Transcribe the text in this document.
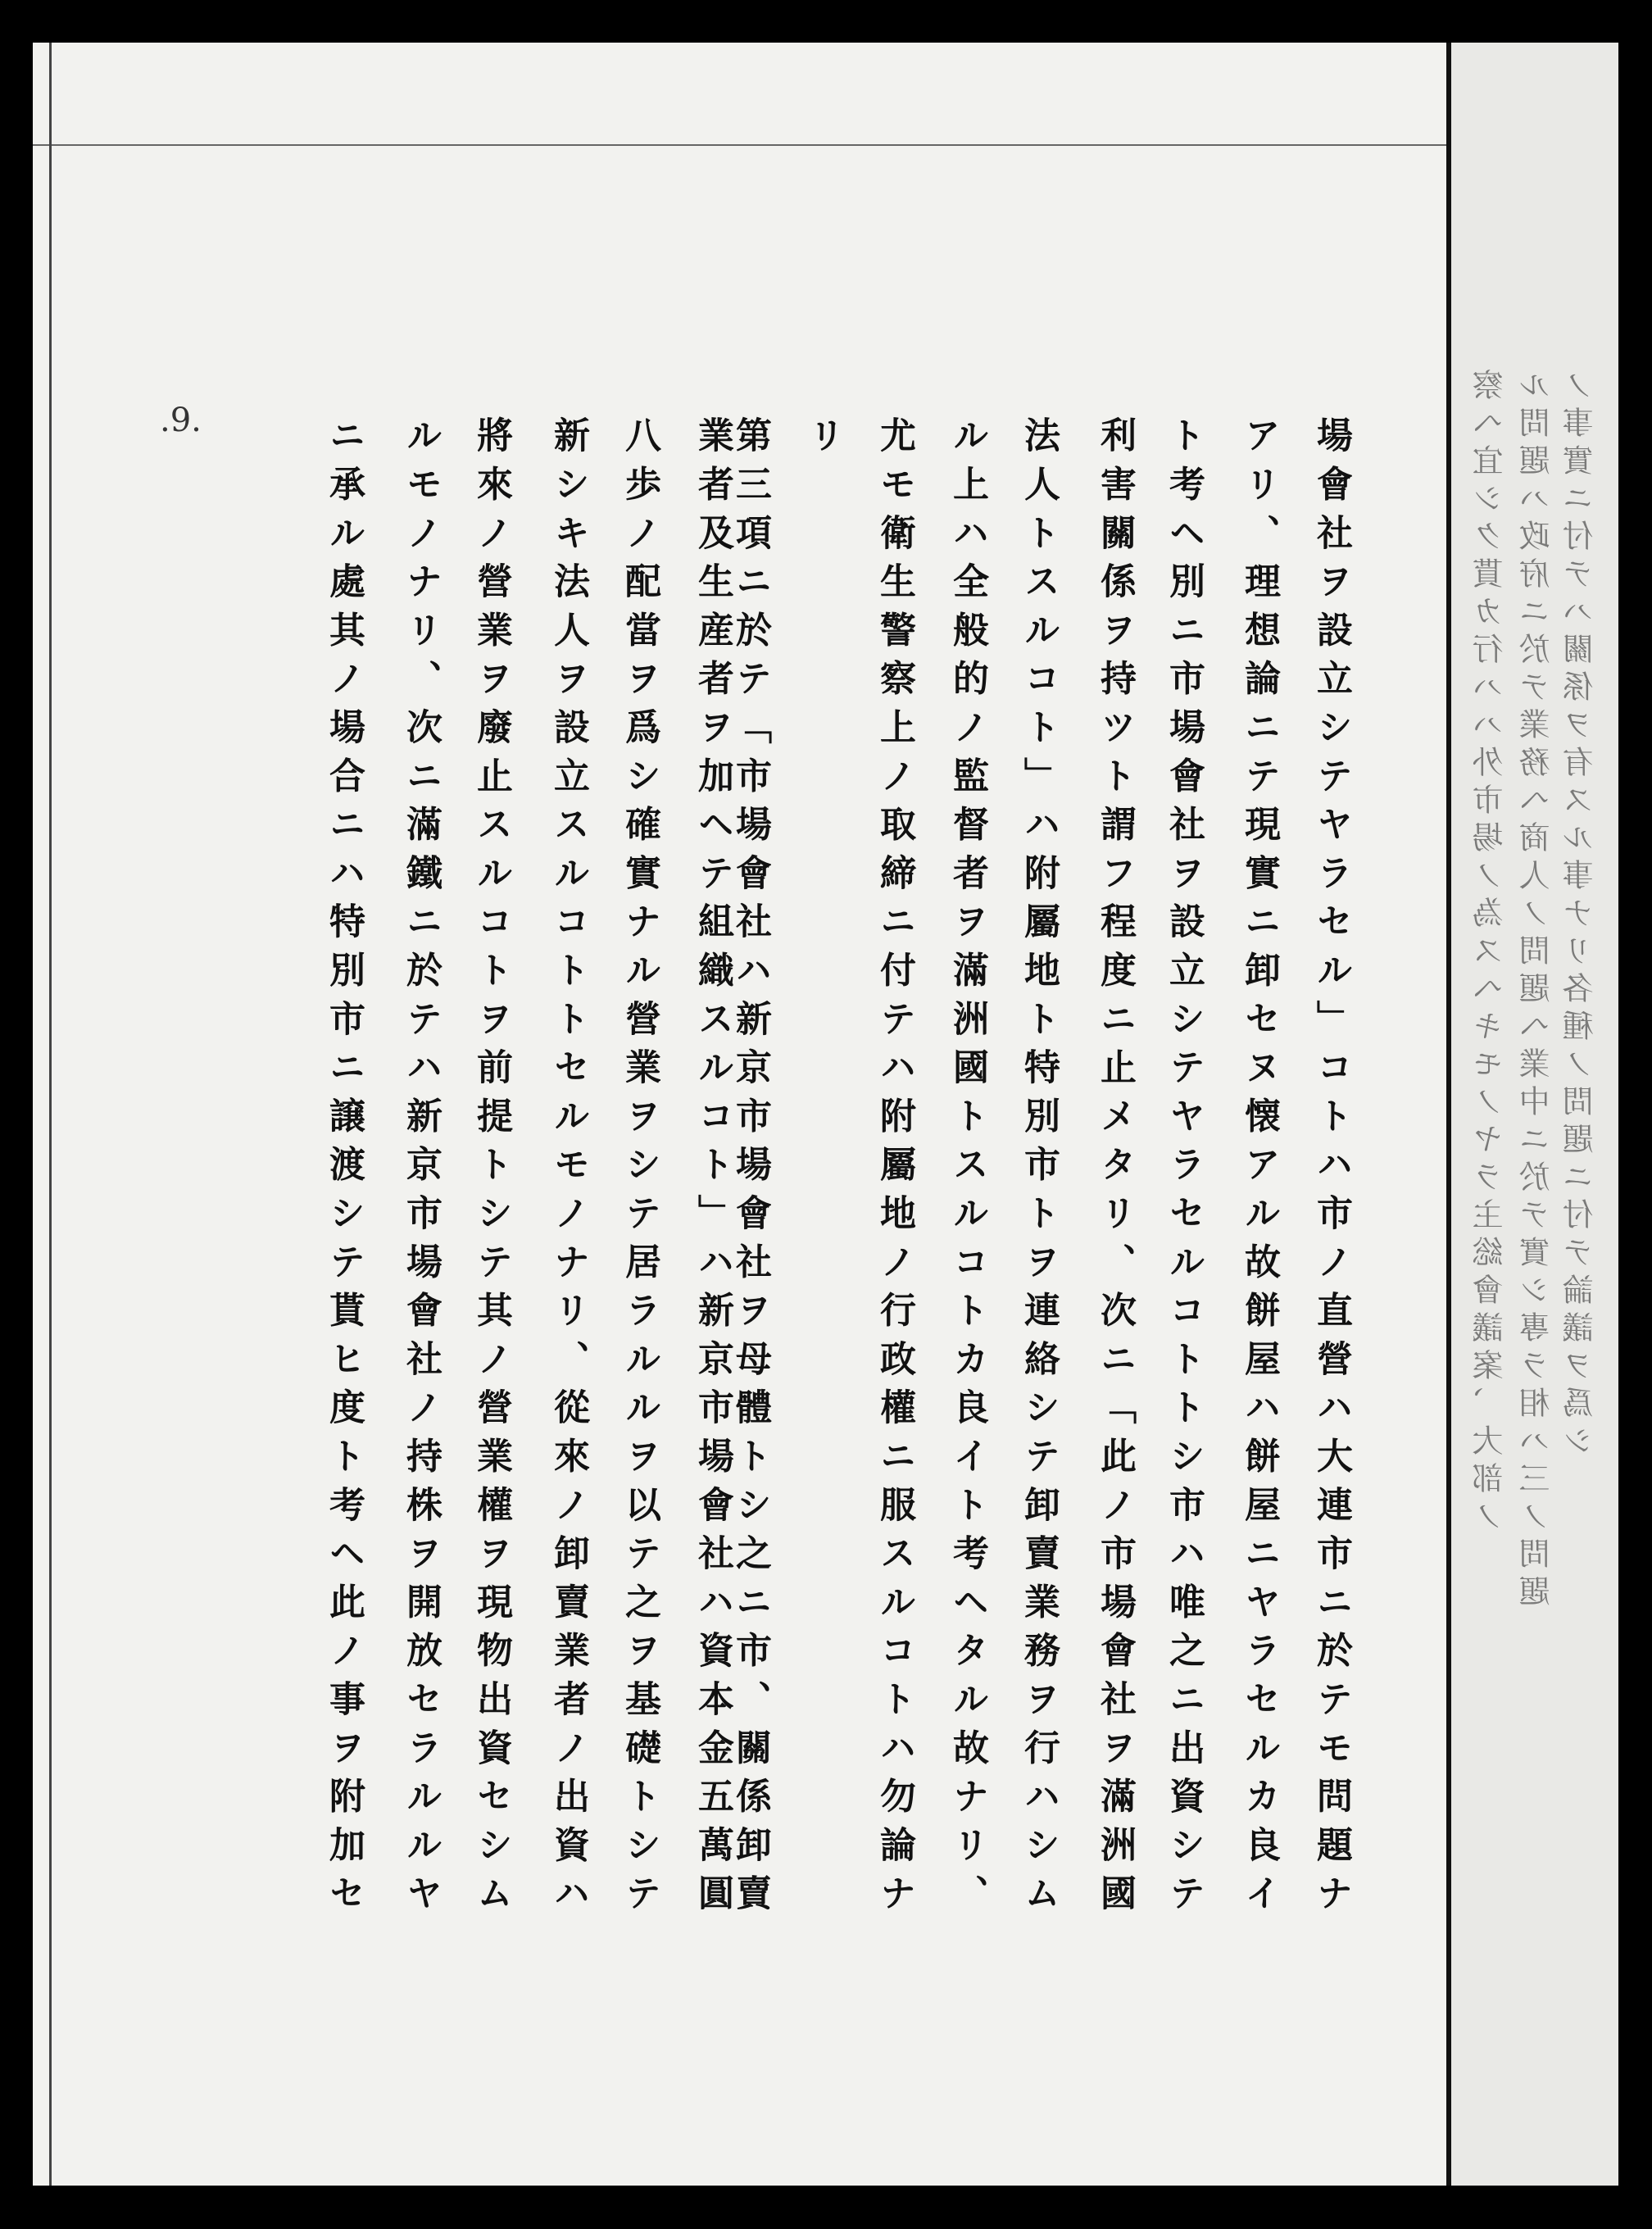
.9.	ニ承ル處其ノ場合ニハ特別市ニ譲渡シテ貰ヒ度ト考ヘ此ノ事ヲ附加セ ルモノナリ、次ニ滿鐵ニ於テハ新京市場會社ノ持株ヲ開放セラルルヤ 將來ノ營業ヲ廢止スルコトヲ前提トシテ其ノ營業權ヲ現物出資セシム 新シキ法人ヲ設立スルコトトセルモノナリ、從來ノ卸賣業者ノ出資ハ 八歩ノ配當ヲ爲シ確實ナル營業ヲシテ居ラルルヲ以テ之ヲ基礎トシテ 業者及生産者ヲ加ヘテ組織スルコト」ハ新京市場會社ハ資本金五萬圓
第三項ニ於テ「市場會社ハ新京市場會社ヲ母體トシ之ニ市、關係卸賣 リ 尤モ衛生警察上ノ取締ニ付テハ附屬地ノ行政權ニ服スルコトハ勿論ナ ル上ハ全般的ノ監督者ヲ滿洲國トスルコトカ良イト考ヘタル故ナリ、 法人トスルコト」ハ附屬地ト特別市トヲ連絡シテ卸賣業務ヲ行ハシム 利害關係ヲ持ツト謂フ程度ニ止メタリ、次ニ「此ノ市場會社ヲ滿洲國 ト考ヘ別ニ市場會社ヲ設立シテヤラセルコトトシ市ハ唯之ニ出資シテ アリ、理想論ニテ現實ニ卸セヌ懐アル故餅屋ハ餅屋ニヤラセルカ良イ 場會社ヲ設立シテヤラセル」コトハ市ノ直營ハ大連市ニ於テモ問題ナ	察ヘ宜シク貰カ行ハハ外市場ノ為スヘキモノヤラ主総會議案、大部ノ ル問題ハ政府ニ於テ業務ヘ商人ノ問題ヘ業中ニ於テ實シ專ラ相ハ三ノ問題 ノ事實ニ付テハ關係ヲ有スル事ナリ各種ノ問題ニ付テ論議ヲ爲シ
